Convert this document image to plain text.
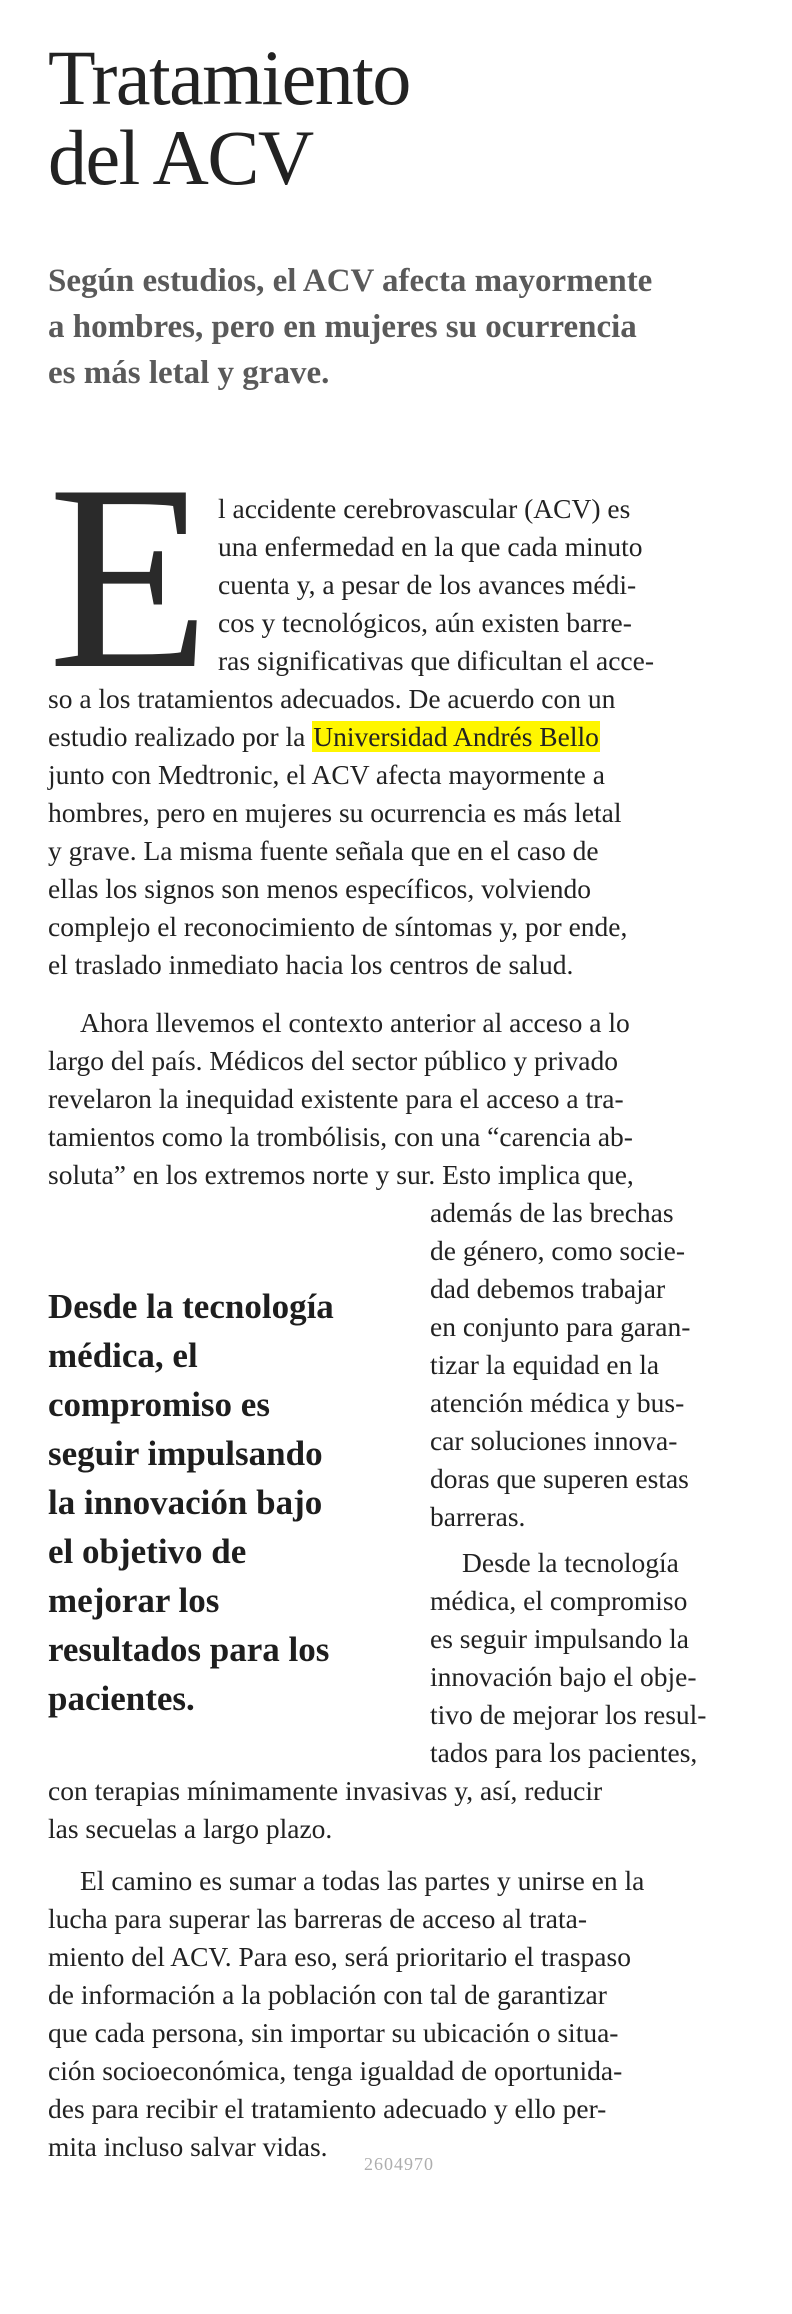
Tratamiento
del ACV
Según estudios, el ACV afecta mayormente
a hombres, pero en mujeres su ocurrencia
es más letal y grave.
E l accidente cerebrovascular (ACV) es
una enfermedad en la que cada minuto
cuenta y, a pesar de los avances médi-
cos y tecnológicos, aún existen barre-
ras significativas que dificultan el acce-
so a los tratamientos adecuados. De acuerdo con un
estudio realizado por la Universidad Andrés Bello
junto con Medtronic, el ACV afecta mayormente a
hombres, pero en mujeres su ocurrencia es más letal
y grave. La misma fuente señala que en el caso de
ellas los signos son menos específicos, volviendo
complejo el reconocimiento de síntomas y, por ende,
el traslado inmediato hacia los centros de salud.
Ahora llevemos el contexto anterior al acceso a lo
largo del país. Médicos del sector público y privado
revelaron la inequidad existente para el acceso a tra-
tamientos como la trombólisis, con una “carencia ab-
soluta” en los extremos norte y sur. Esto implica que,
además de las brechas
de género, como socie-
dad debemos trabajar
en conjunto para garan-
tizar la equidad en la
atención médica y bus-
car soluciones innova-
doras que superen estas
barreras.
Desde la tecnología
médica, el compromiso
es seguir impulsando la
innovación bajo el obje-
tivo de mejorar los resul-
tados para los pacientes,
con terapias mínimamente invasivas y, así, reducir
las secuelas a largo plazo.
El camino es sumar a todas las partes y unirse en la
lucha para superar las barreras de acceso al trata-
miento del ACV. Para eso, será prioritario el traspaso
de información a la población con tal de garantizar
que cada persona, sin importar su ubicación o situa-
ción socioeconómica, tenga igualdad de oportunida-
des para recibir el tratamiento adecuado y ello per-
mita incluso salvar vidas.
Desde la tecnología
médica, el
compromiso es
seguir impulsando
la innovación bajo
el objetivo de
mejorar los
resultados para los
pacientes.
2604970
